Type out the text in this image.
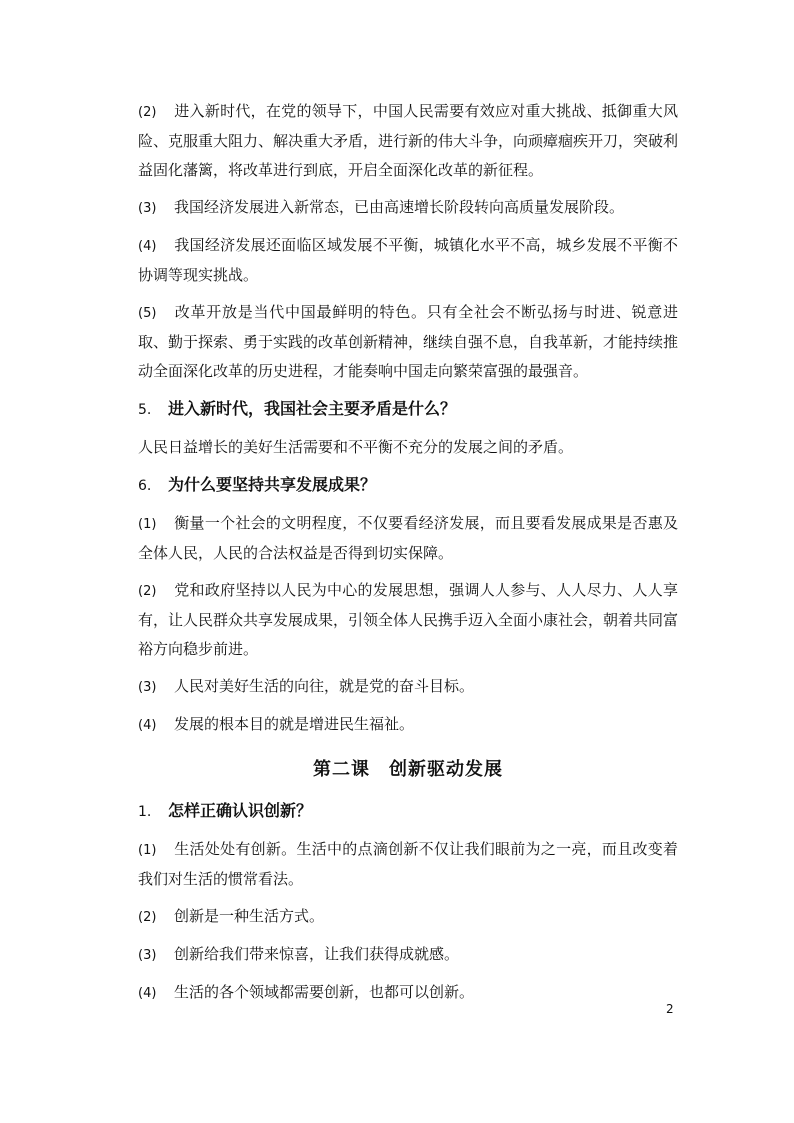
(2) 进入新时代，在党的领导下，中国人民需要有效应对重大挑战、抵御重大风险、克服重大阻力、解决重大矛盾，进行新的伟大斗争，向顽瘴痼疾开刀，突破利益固化藩篱，将改革进行到底，开启全面深化改革的新征程。

(3) 我国经济发展进入新常态，已由高速增长阶段转向高质量发展阶段。

(4) 我国经济发展还面临区域发展不平衡，城镇化水平不高，城乡发展不平衡不协调等现实挑战。

(5) 改革开放是当代中国最鲜明的特色。只有全社会不断弘扬与时进、锐意进取、勤于探索、勇于实践的改革创新精神，继续自强不息，自我革新，才能持续推动全面深化改革的历史进程，才能奏响中国走向繁荣富强的最强音。

5. 进入新时代，我国社会主要矛盾是什么？

人民日益增长的美好生活需要和不平衡不充分的发展之间的矛盾。

6. 为什么要坚持共享发展成果？

(1) 衡量一个社会的文明程度，不仅要看经济发展，而且要看发展成果是否惠及全体人民，人民的合法权益是否得到切实保障。

(2) 党和政府坚持以人民为中心的发展思想，强调人人参与、人人尽力、人人享有，让人民群众共享发展成果，引领全体人民携手迈入全面小康社会，朝着共同富裕方向稳步前进。

(3) 人民对美好生活的向往，就是党的奋斗目标。

(4) 发展的根本目的就是增进民生福祉。

第二课　创新驱动发展

1. 怎样正确认识创新？

(1) 生活处处有创新。生活中的点滴创新不仅让我们眼前为之一亮，而且改变着我们对生活的惯常看法。

(2) 创新是一种生活方式。

(3) 创新给我们带来惊喜，让我们获得成就感。

(4) 生活的各个领域都需要创新，也都可以创新。

2
